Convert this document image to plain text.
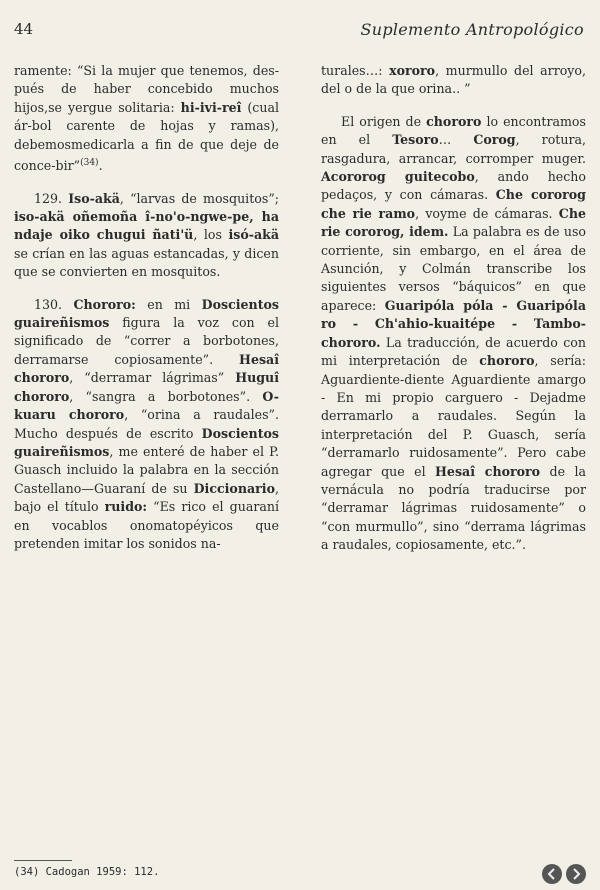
44	Suplemento Antropológico

ramente: “Si la mujer que tenemos, des-pués de haber concebido muchos hijos,se yergue solitaria: hi-ivi-reî (cual ár-bol carente de hojas y ramas), debemosmedicarla a fin de que deje de conce-bir”$^{(34)}$.

129. Iso-akä, “larvas de mosquitos”; iso-akä oñemoña î-no'o-ngwe-pe, ha ndaje oiko chugui ñati'ü, los isó-akä se crían en las aguas estancadas, y dicen que se convierten en mosquitos.

130. Chororo: en mi Doscientos guaireñismos figura la voz con el significado de “correr a borbotones, derramarse copiosamente”. Hesaî chororo, “derramar lágrimas” Huguî chororo, “sangra a borbotones”. O-kuaru chororo, “orina a raudales”. Mucho después de escrito Doscientos guaireñismos, me enteré de haber el P. Guasch incluido la palabra en la sección Castellano—Guaraní de su Diccionario, bajo el título ruido: “Es rico el guaraní en vocablos onomatopéyicos que pretenden imitar los sonidos na-

turales…: xororo, murmullo del arroyo, del o de la que orina.. ”

El origen de chororo lo encontramos en el Tesoro… Corog, rotura, rasgadura, arrancar, corromper muger. Acororog guitecobo, ando hecho pedaços, y con cámaras. Che cororog che rie ramo, voyme de cámaras. Che rie cororog, idem. La palabra es de uso corriente, sin embargo, en el área de Asunción, y Colmán transcribe los siguientes versos “báquicos” en que aparece: Guaripóla póla - Guaripóla ro - Ch'ahio-kuaitépe - Tambo-chororo. La traducción, de acuerdo con mi interpretación de chororo, sería: Aguardiente-diente Aguardiente amargo - En mi propio carguero - Dejadme derramarlo a raudales. Según la interpretación del P. Guasch, sería “derramarlo ruidosamente”. Pero cabe agregar que el Hesaî chororo de la vernácula no podría traducirse por “derramar lágrimas ruidosamente” o “con murmullo”, sino “derrama lágrimas a raudales, copiosamente, etc.”.

(34) Cadogan 1959: 112.
